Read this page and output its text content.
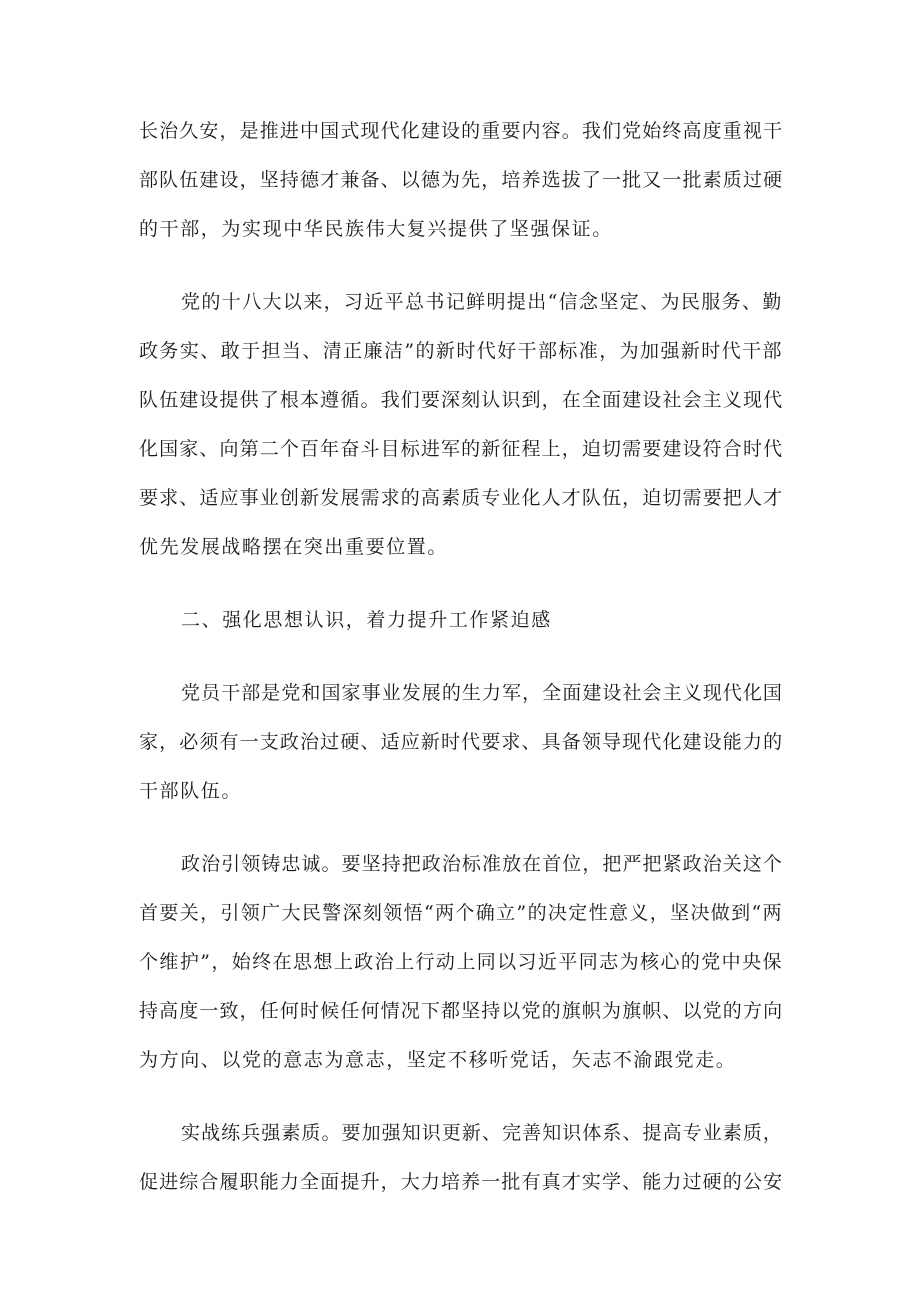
长治久安，是推进中国式现代化建设的重要内容。我们党始终高度重视干
部队伍建设，坚持德才兼备、以德为先，培养选拔了一批又一批素质过硬
的干部，为实现中华民族伟大复兴提供了坚强保证。
党的十八大以来，习近平总书记鲜明提出“信念坚定、为民服务、勤
政务实、敢于担当、清正廉洁”的新时代好干部标准，为加强新时代干部
队伍建设提供了根本遵循。我们要深刻认识到，在全面建设社会主义现代
化国家、向第二个百年奋斗目标进军的新征程上，迫切需要建设符合时代
要求、适应事业创新发展需求的高素质专业化人才队伍，迫切需要把人才
优先发展战略摆在突出重要位置。
二、强化思想认识，着力提升工作紧迫感
党员干部是党和国家事业发展的生力军，全面建设社会主义现代化国
家，必须有一支政治过硬、适应新时代要求、具备领导现代化建设能力的
干部队伍。
政治引领铸忠诚。要坚持把政治标准放在首位，把严把紧政治关这个
首要关，引领广大民警深刻领悟“两个确立”的决定性意义，坚决做到“两
个维护”，始终在思想上政治上行动上同以习近平同志为核心的党中央保
持高度一致，任何时候任何情况下都坚持以党的旗帜为旗帜、以党的方向
为方向、以党的意志为意志，坚定不移听党话，矢志不渝跟党走。
实战练兵强素质。要加强知识更新、完善知识体系、提高专业素质，
促进综合履职能力全面提升，大力培养一批有真才实学、能力过硬的公安
